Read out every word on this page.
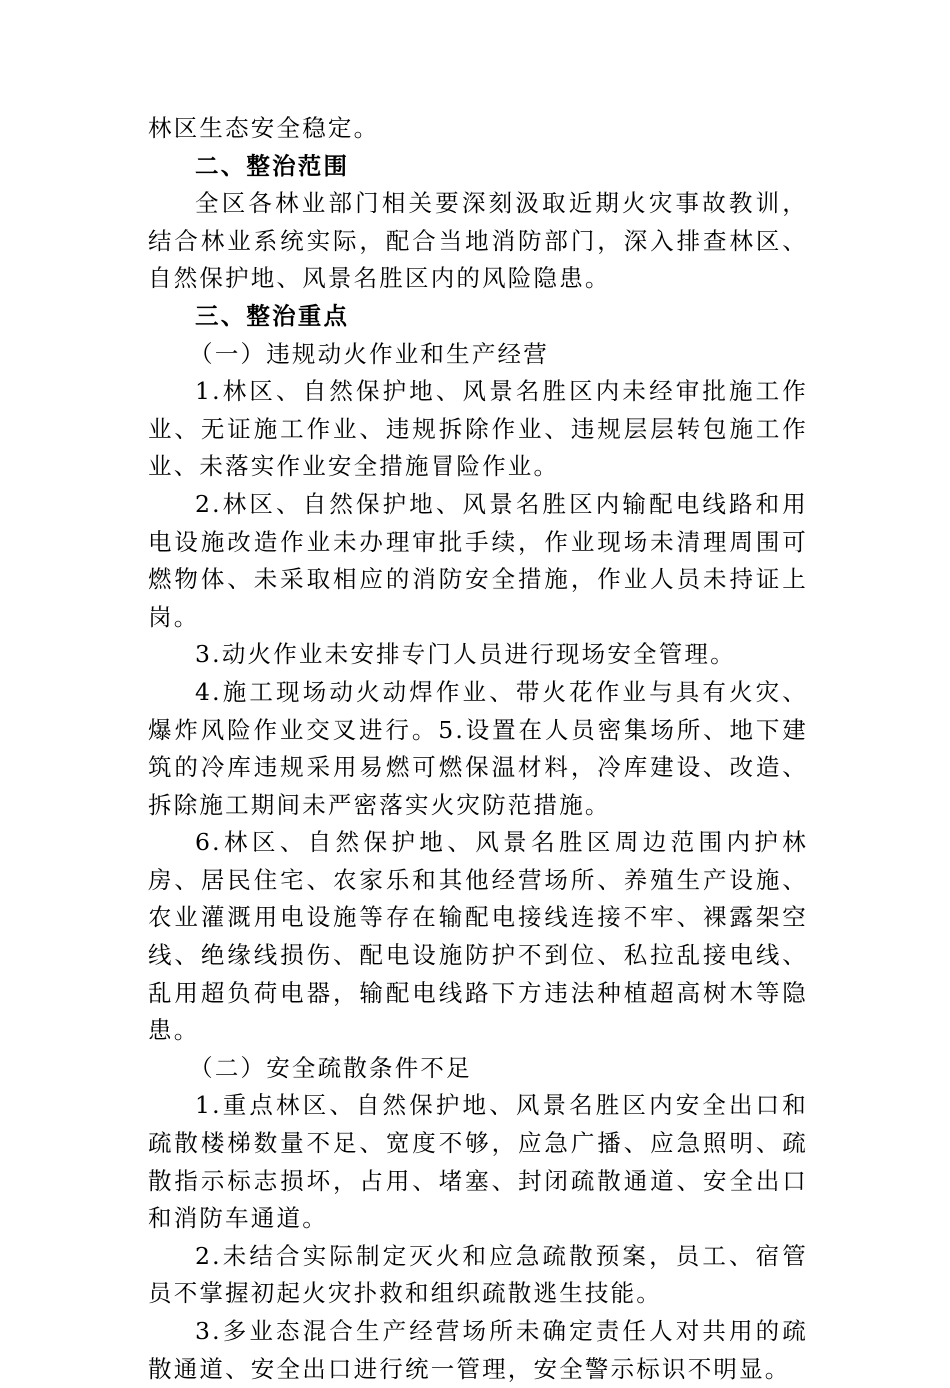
林区生态安全稳定。

二、整治范围

全区各林业部门相关要深刻汲取近期火灾事故教训，结合林业系统实际，配合当地消防部门，深入排查林区、自然保护地、风景名胜区内的风险隐患。

三、整治重点

（一）违规动火作业和生产经营

1.林区、自然保护地、风景名胜区内未经审批施工作业、无证施工作业、违规拆除作业、违规层层转包施工作业、未落实作业安全措施冒险作业。

2.林区、自然保护地、风景名胜区内输配电线路和用电设施改造作业未办理审批手续，作业现场未清理周围可燃物体、未采取相应的消防安全措施，作业人员未持证上岗。

3.动火作业未安排专门人员进行现场安全管理。

4.施工现场动火动焊作业、带火花作业与具有火灾、爆炸风险作业交叉进行。5.设置在人员密集场所、地下建筑的冷库违规采用易燃可燃保温材料，冷库建设、改造、拆除施工期间未严密落实火灾防范措施。

6.林区、自然保护地、风景名胜区周边范围内护林房、居民住宅、农家乐和其他经营场所、养殖生产设施、农业灌溉用电设施等存在输配电接线连接不牢、裸露架空线、绝缘线损伤、配电设施防护不到位、私拉乱接电线、乱用超负荷电器，输配电线路下方违法种植超高树木等隐患。

（二）安全疏散条件不足

1.重点林区、自然保护地、风景名胜区内安全出口和疏散楼梯数量不足、宽度不够，应急广播、应急照明、疏散指示标志损坏，占用、堵塞、封闭疏散通道、安全出口和消防车通道。

2.未结合实际制定灭火和应急疏散预案，员工、宿管员不掌握初起火灾扑救和组织疏散逃生技能。

3.多业态混合生产经营场所未确定责任人对共用的疏散通道、安全出口进行统一管理，安全警示标识不明显。
